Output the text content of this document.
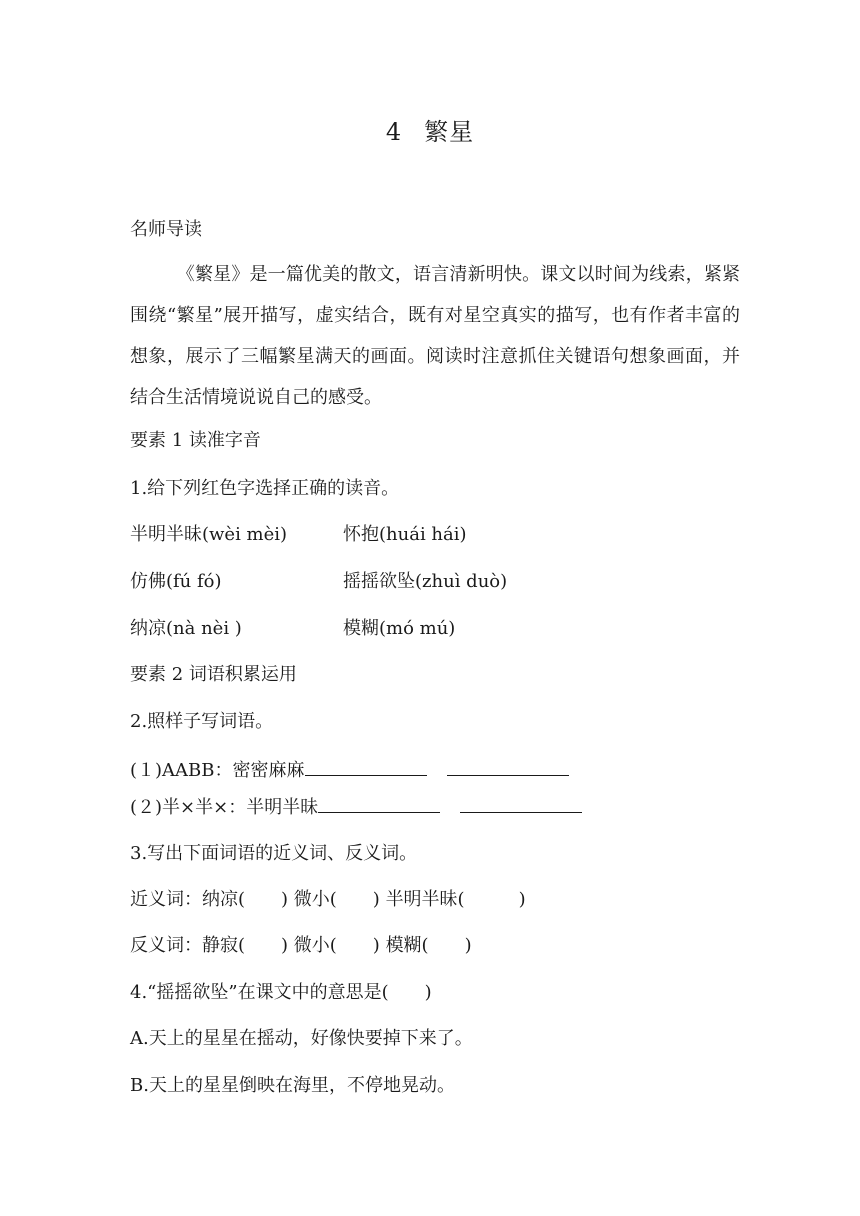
4 繁星
名师导读
《繁星》是一篇优美的散文，语言清新明快。课文以时间为线索，紧紧围绕“繁星”展开描写，虚实结合，既有对星空真实的描写，也有作者丰富的想象，展示了三幅繁星满天的画面。阅读时注意抓住关键语句想象画面，并结合生活情境说说自己的感受。
要素 1 读准字音
1.给下列红色字选择正确的读音。
半明半昧(wèi mèi)	怀抱(huái hái)
仿佛(fú fó)	摇摇欲坠(zhuì duò)
纳凉(nà nèi )	模糊(mó mú)
要素 2 词语积累运用
2.照样子写词语。
(１)AABB：密密麻麻
(２)半×半×：半明半昧
3.写出下面词语的近义词、反义词。
近义词：纳凉(　　) 微小(　　) 半明半昧(　　　)
反义词：静寂(　　) 微小(　　) 模糊(　　)
4.“摇摇欲坠”在课文中的意思是(　　)
A.天上的星星在摇动，好像快要掉下来了。
B.天上的星星倒映在海里，不停地晃动。
